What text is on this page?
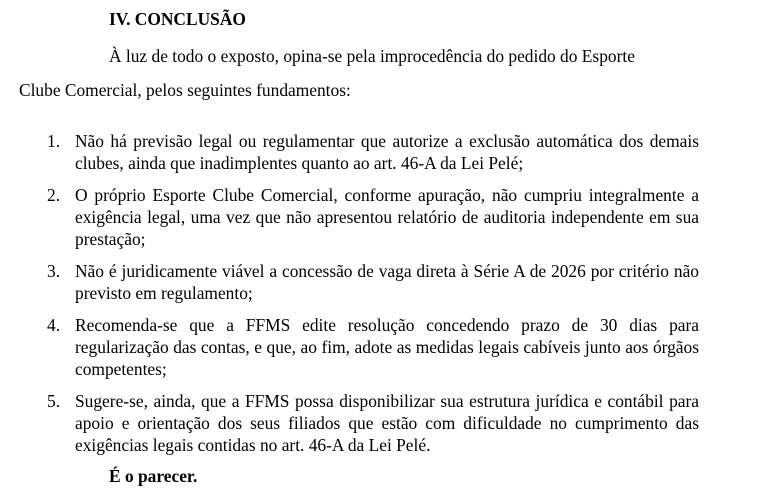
IV. CONCLUSÃO

À luz de todo o exposto, opina-se pela improcedência do pedido do Esporte

Clube Comercial, pelos seguintes fundamentos:

1. Não há previsão legal ou regulamentar que autorize a exclusão automática dos demais clubes, ainda que inadimplentes quanto ao art. 46-A da Lei Pelé;
2. O próprio Esporte Clube Comercial, conforme apuração, não cumpriu integralmente a exigência legal, uma vez que não apresentou relatório de auditoria independente em sua prestação;
3. Não é juridicamente viável a concessão de vaga direta à Série A de 2026 por critério não previsto em regulamento;
4. Recomenda-se que a FFMS edite resolução concedendo prazo de 30 dias para regularização das contas, e que, ao fim, adote as medidas legais cabíveis junto aos órgãos competentes;
5. Sugere-se, ainda, que a FFMS possa disponibilizar sua estrutura jurídica e contábil para apoio e orientação dos seus filiados que estão com dificuldade no cumprimento das exigências legais contidas no art. 46-A da Lei Pelé.

É o parecer.
